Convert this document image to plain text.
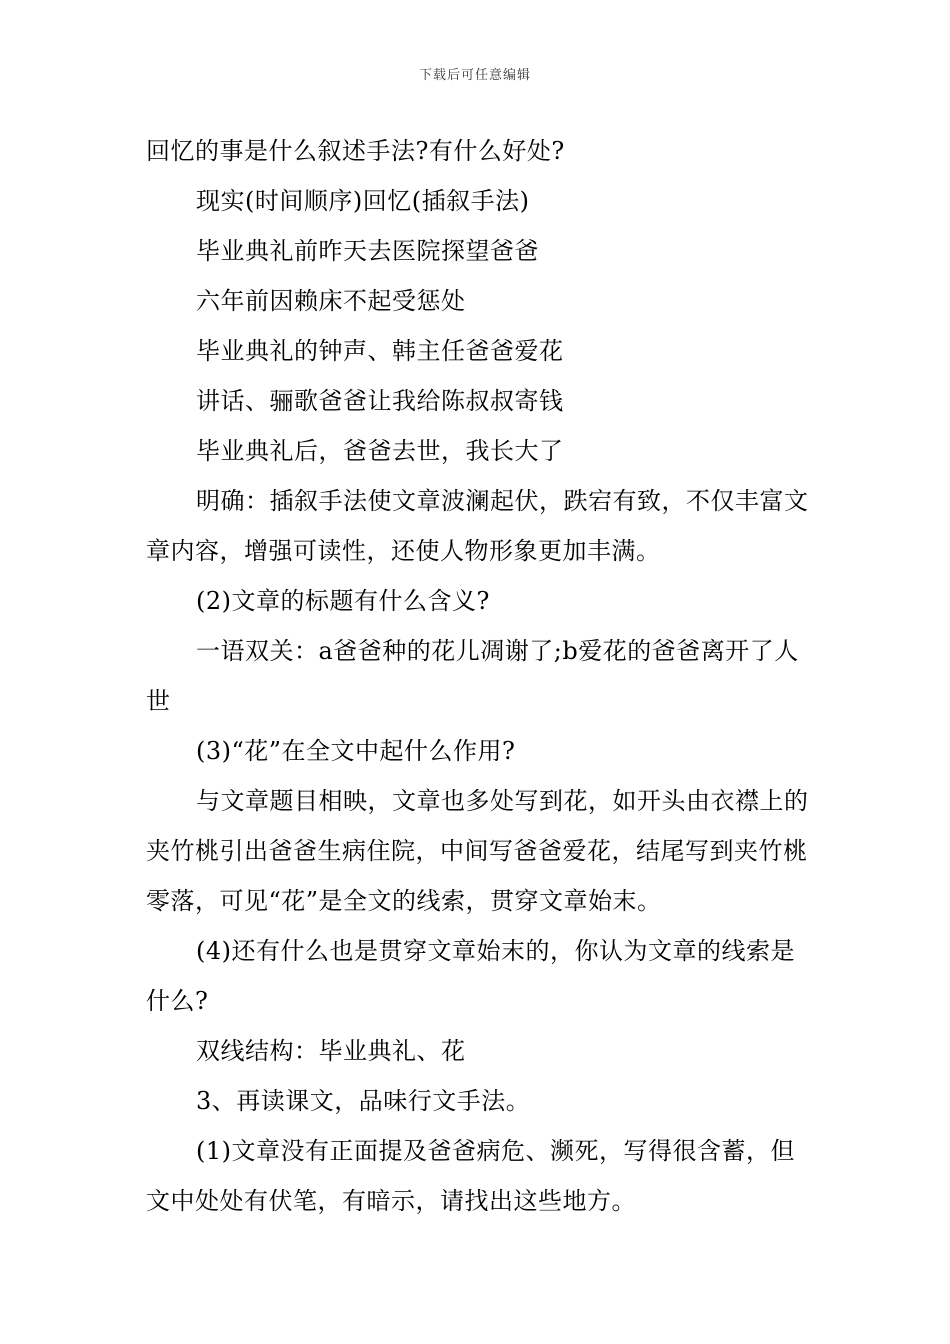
下载后可任意编辑

回忆的事是什么叙述手法?有什么好处?

现实(时间顺序)回忆(插叙手法)

毕业典礼前昨天去医院探望爸爸

六年前因赖床不起受惩处

毕业典礼的钟声、韩主任爸爸爱花

讲话、骊歌爸爸让我给陈叔叔寄钱

毕业典礼后，爸爸去世，我长大了

明确：插叙手法使文章波澜起伏，跌宕有致，不仅丰富文章内容，增强可读性，还使人物形象更加丰满。

(2)文章的标题有什么含义?

一语双关：a爸爸种的花儿凋谢了;b爱花的爸爸离开了人世

(3)“花”在全文中起什么作用?

与文章题目相映，文章也多处写到花，如开头由衣襟上的夹竹桃引出爸爸生病住院，中间写爸爸爱花，结尾写到夹竹桃零落，可见“花”是全文的线索，贯穿文章始末。

(4)还有什么也是贯穿文章始末的，你认为文章的线索是什么?

双线结构：毕业典礼、花

3、再读课文，品味行文手法。

(1)文章没有正面提及爸爸病危、濒死，写得很含蓄，但文中处处有伏笔，有暗示，请找出这些地方。
